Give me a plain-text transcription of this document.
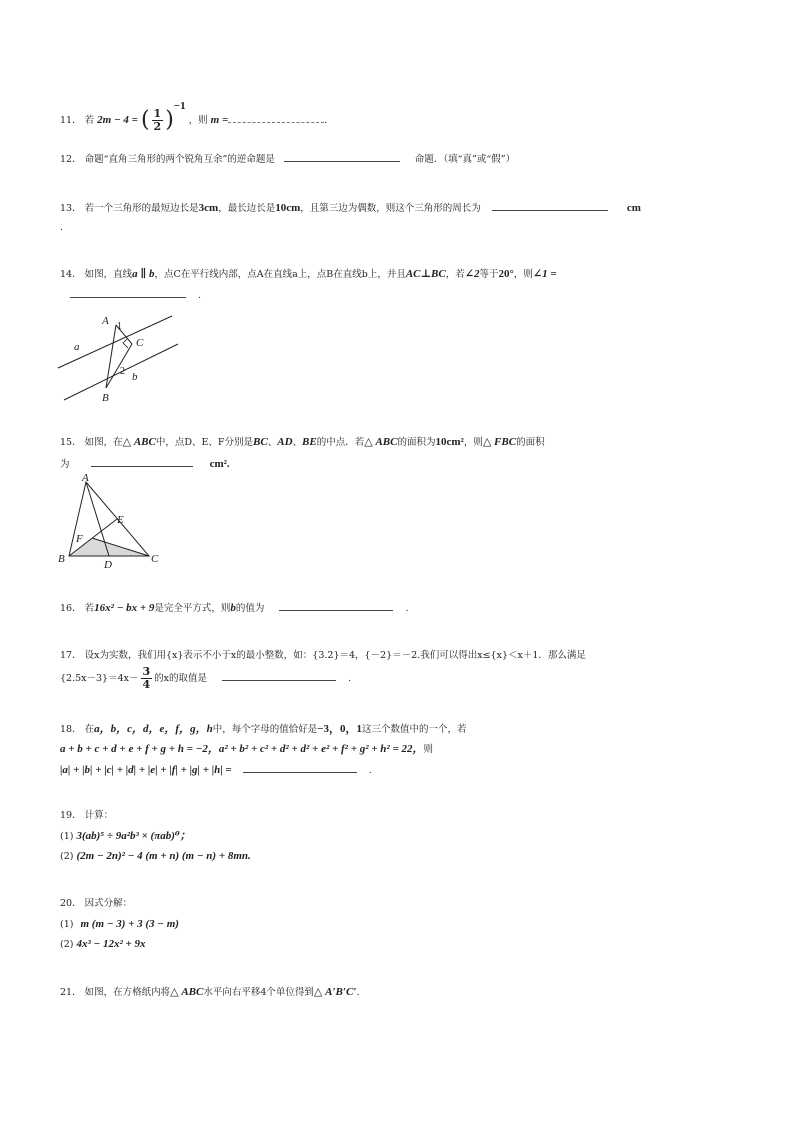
11． 若 2m − 4 = ( $\frac{1}{2} )^{-1}$ ，则 m =	.
12． 命题“直角三角形的两个锐角互余”的逆命题是	命题．（填“真”或“假”）
13． 若一个三角形的最短边长是3cm，最长边长是10cm，且第三边为偶数，则这个三角形的周长为	cm
.
14． 如图，直线a ∥ b，点C在平行线内部，点A在直线a上，点B在直线b上，并且AC⊥BC，若∠2等于20°，则∠1 =
.
A
C
B
a
b
1
2
15． 如图，在△ ABC中，点D、E、F分别是BC、AD、BE的中点．若△ ABC的面积为10cm²，则△ FBC的面积
为	cm².
A
B	C
D
E
F
16． 若16x² − bx + 9是完全平方式，则b的值为	.
17． 设x为实数，我们用{x}表示不小于x的最小整数，如：{3.2}＝4，{－2}＝－2.我们可以得出x≤{x}＜x＋1．那么满足
$\{2.5x-3\}=4x- \frac{3}{4}$ 的x的取值是	.
18． 在a，b，c，d，e，f，g，h中，每个字母的值恰好是−3，0，1这三个数值中的一个，若
a + b + c + d + e + f + g + h = −2，a² + b² + c² + d² + d² + e² + f² + g² + h² = 22，则
|a| + |b| + |c| + |d| + |e| + |f| + |g| + |h| =	.
19． 计算：
(1) 3(ab)⁵ ÷ 9a²b³ × (πab)⁰；
(2) (2m − 2n)² − 4 (m + n) (m − n) + 8mn.
20． 因式分解：
(1) m (m − 3) + 3 (3 − m)
(2) 4x³ − 12x² + 9x
21． 如图，在方格纸内将△ ABC水平向右平移4个单位得到△ A′B′C′.
